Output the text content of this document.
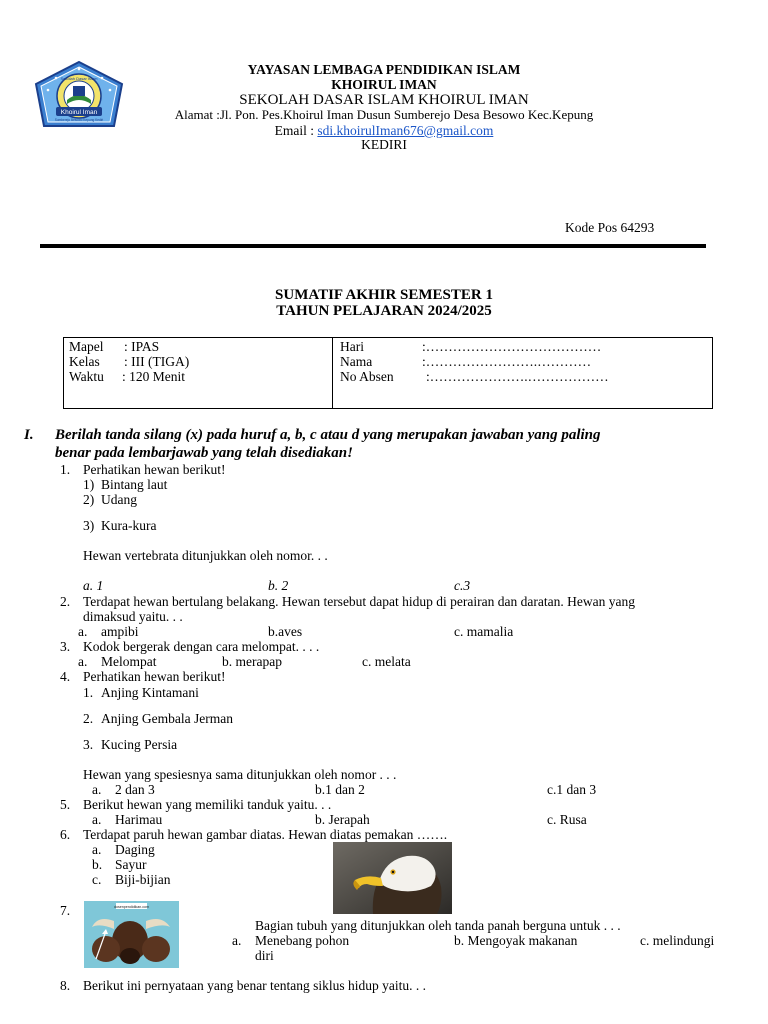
Khoirul Iman
Sekolah Dasar Islam
Sumberejo Besowo Kepung Kediri
YAYASAN LEMBAGA PENDIDIKAN ISLAM
KHOIRUL IMAN
SEKOLAH DASAR ISLAM KHOIRUL IMAN
Alamat :Jl. Pon. Pes.Khoirul Iman Dusun Sumberejo Desa Besowo Kec.Kepung
Email : sdi.khoirulIman676@gmail.com
KEDIRI
Kode Pos 64293
SUMATIF AKHIR SEMESTER 1
TAHUN PELAJARAN 2024/2025
Mapel : IPAS
Kelas : III (TIGA)
Waktu : 120 Menit
Hari	:…………………………………
Nama	:…………………….…………
No Absen :………………….………………
I. Berilah tanda silang (x) pada huruf a, b, c atau d yang merupakan jawaban yang paling
benar pada lembarjawab yang telah disediakan!
1. Perhatikan hewan berikut!
1) Bintang laut
2) Udang
3) Kura-kura
Hewan vertebrata ditunjukkan oleh nomor. . .
a. 1	b. 2	c.3
2. Terdapat hewan bertulang belakang. Hewan tersebut dapat hidup di perairan dan daratan. Hewan yang
dimaksud yaitu. . .
a. ampibi	b.aves	c. mamalia
3. Kodok bergerak dengan cara melompat. . . .
a. Melompat	b. merapap	c. melata
4. Perhatikan hewan berikut!
1. Anjing Kintamani
2. Anjing Gembala Jerman
3. Kucing Persia
Hewan yang spesiesnya sama ditunjukkan oleh nomor . . .
a. 2 dan 3	b.1 dan 2	c.1 dan 3
5. Berikut hewan yang memiliki tanduk yaitu. . .
a. Harimau	b. Jerapah	c. Rusa
6. Terdapat paruh hewan gambar diatas. Hewan diatas pemakan …….
a. Daging
b. Sayur
c. Biji-bijian
7.	dosenpendidikan.com
Bagian tubuh yang ditunjukkan oleh tanda panah berguna untuk . . .
a. Menebang pohon	b. Mengoyak makanan	c. melindungi
diri
8. Berikut ini pernyataan yang benar tentang siklus hidup yaitu. . .
